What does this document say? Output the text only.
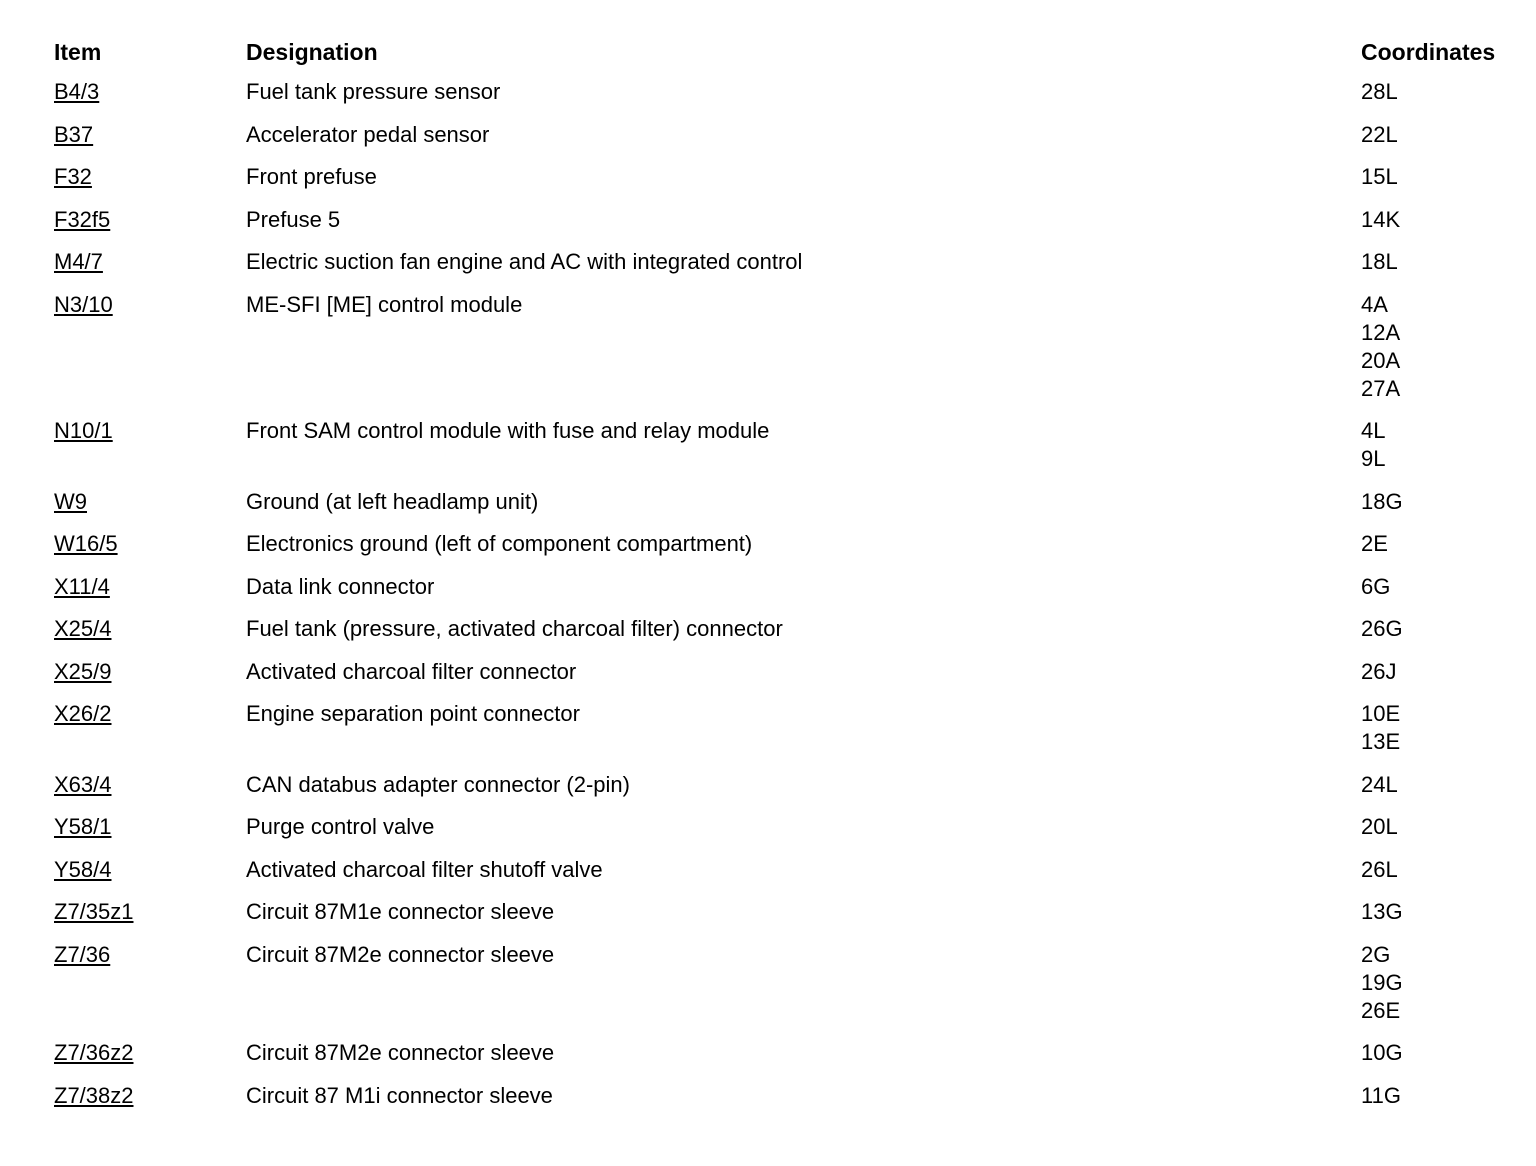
Item	Designation	Coordinates
B4/3	Fuel tank pressure sensor	28L
B37	Accelerator pedal sensor	22L
F32	Front prefuse	15L
F32f5	Prefuse 5	14K
M4/7	Electric suction fan engine and AC with integrated control	18L
N3/10	ME-SFI [ME] control module	4A
12A
20A
27A
N10/1	Front SAM control module with fuse and relay module	4L
9L
W9	Ground (at left headlamp unit)	18G
W16/5	Electronics ground (left of component compartment)	2E
X11/4	Data link connector	6G
X25/4	Fuel tank (pressure, activated charcoal filter) connector	26G
X25/9	Activated charcoal filter connector	26J
X26/2	Engine separation point connector	10E
13E
X63/4	CAN databus adapter connector (2-pin)	24L
Y58/1	Purge control valve	20L
Y58/4	Activated charcoal filter shutoff valve	26L
Z7/35z1	Circuit 87M1e connector sleeve	13G
Z7/36	Circuit 87M2e connector sleeve	2G
19G
26E
Z7/36z2	Circuit 87M2e connector sleeve	10G
Z7/38z2	Circuit 87 M1i connector sleeve	11G
